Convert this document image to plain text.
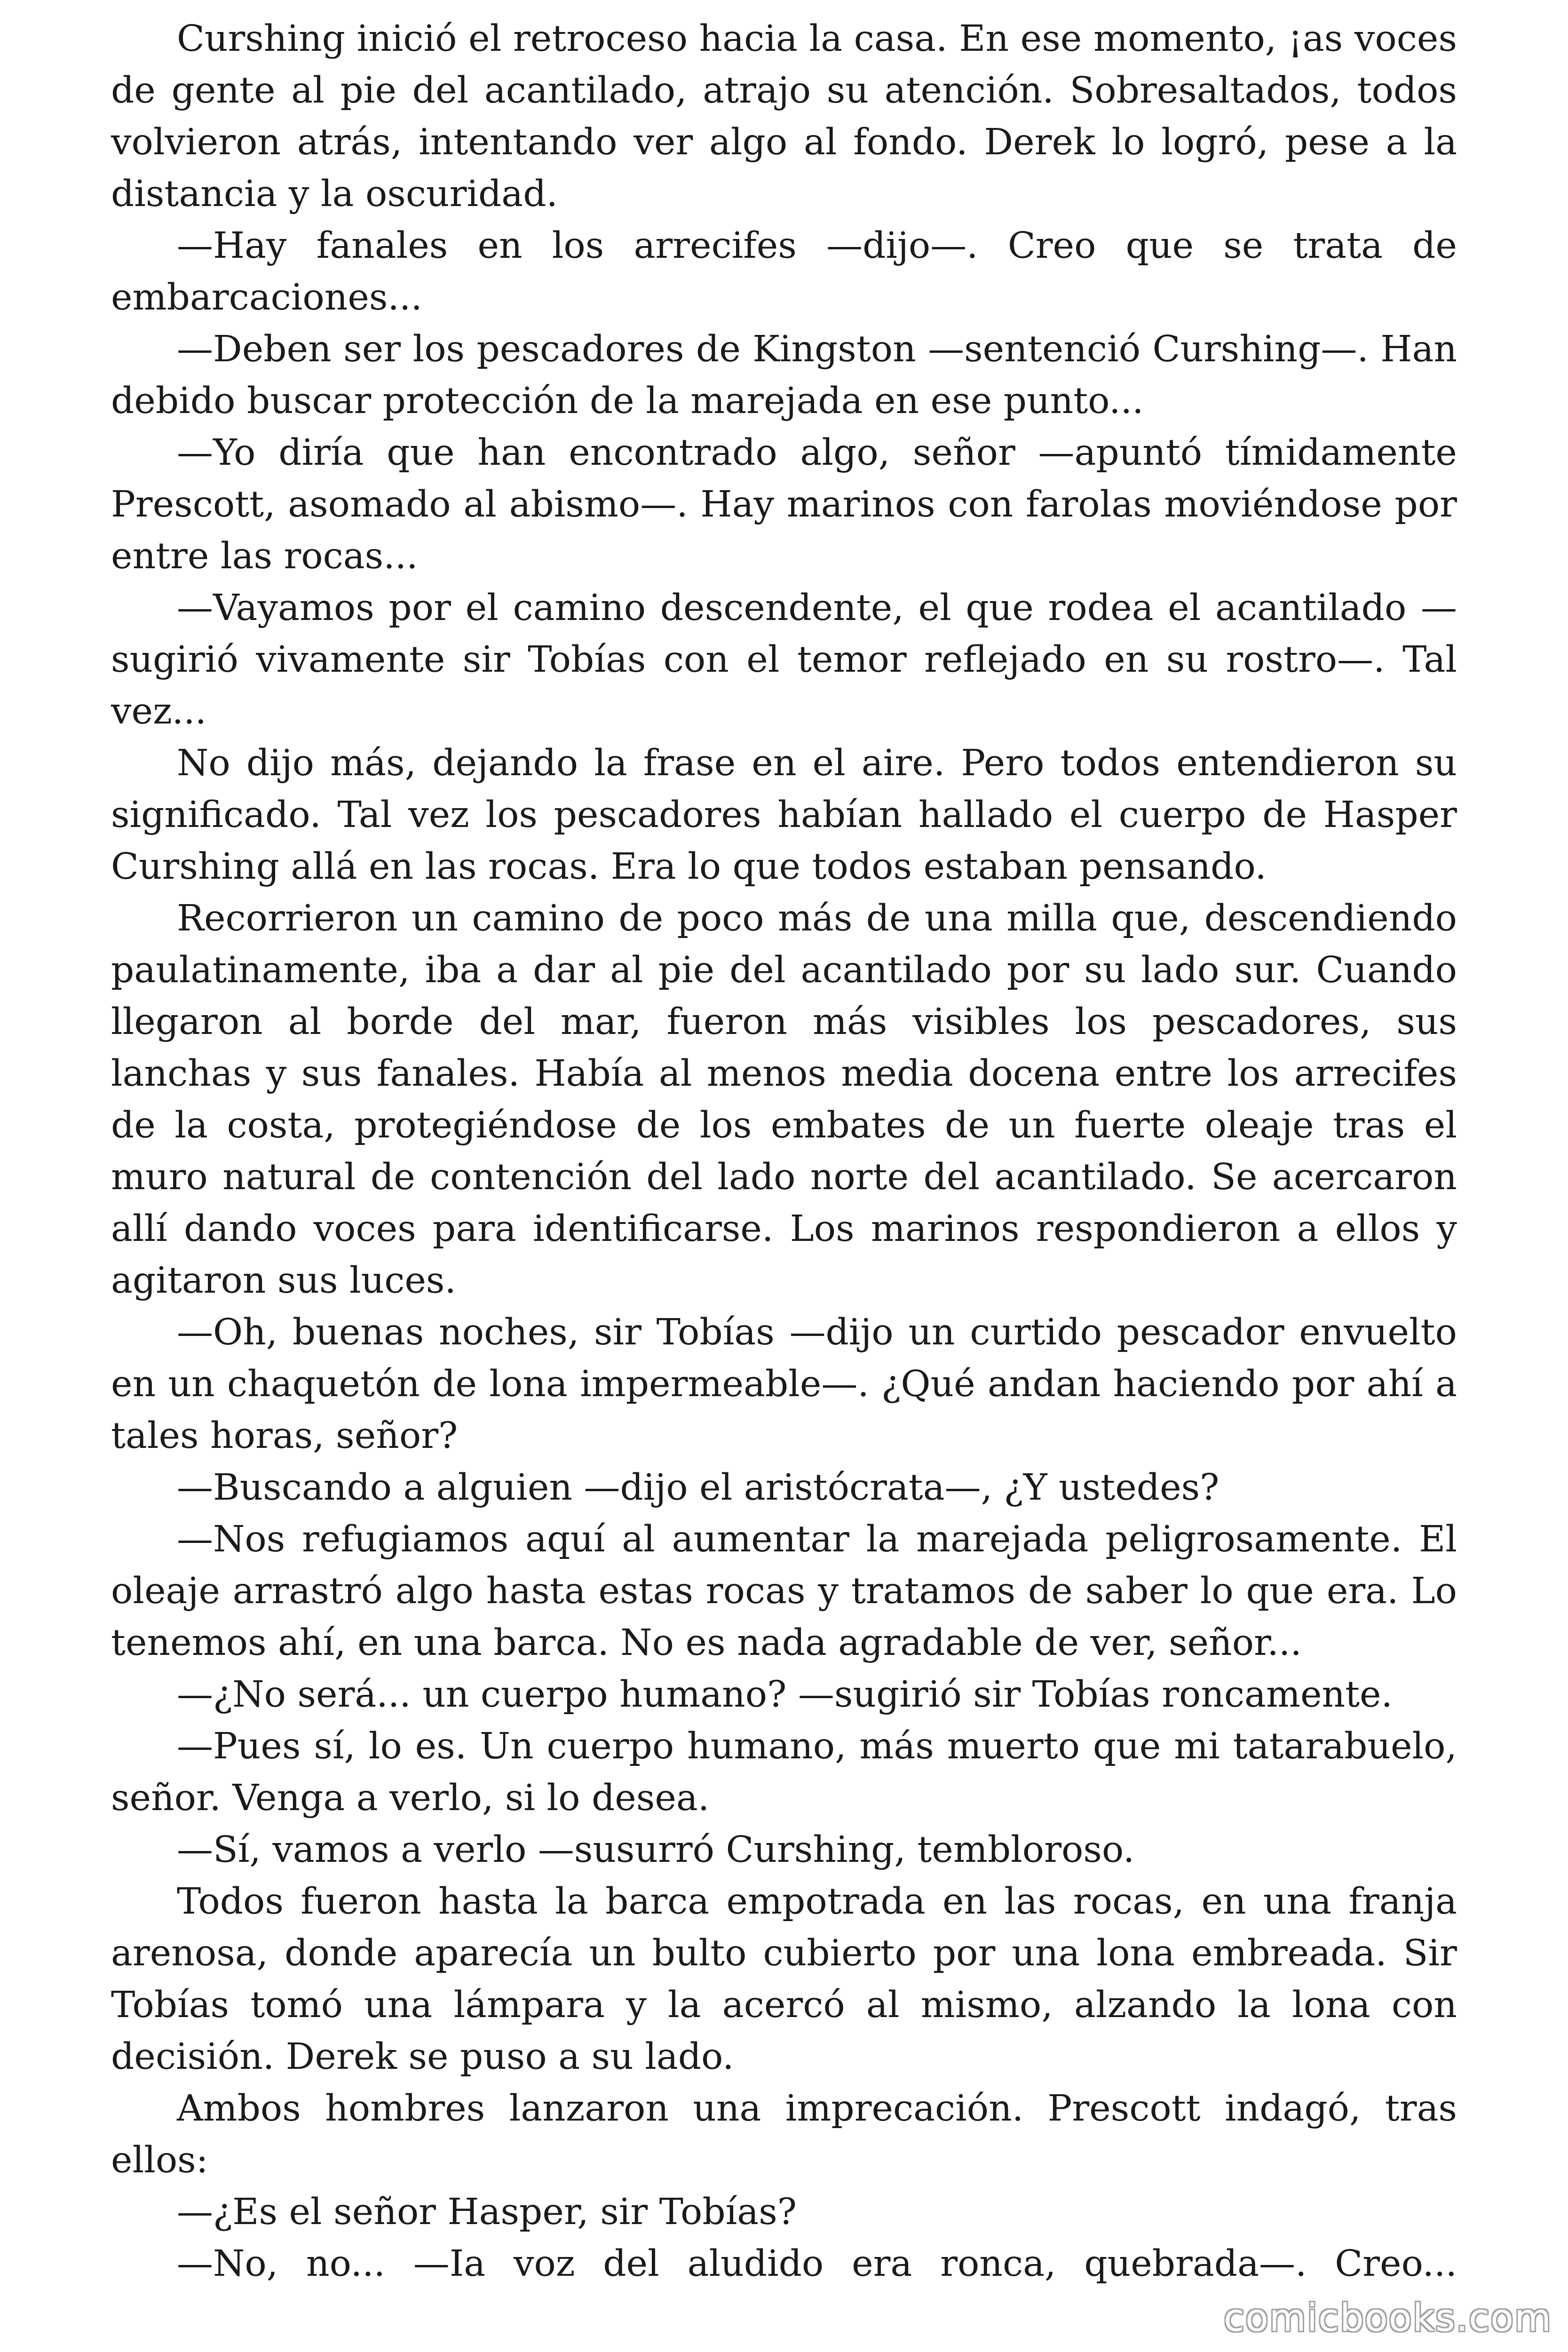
Curshing inició el retroceso hacia la casa. En ese momento, ¡as voces de gente al pie del acantilado, atrajo su atención. Sobresaltados, todos volvieron atrás, intentando ver algo al fondo. Derek lo logró, pese a la distancia y la oscuridad.

—Hay fanales en los arrecifes —dijo—. Creo que se trata de embarcaciones...

—Deben ser los pescadores de Kingston —sentenció Curshing—. Han debido buscar protección de la marejada en ese punto...

—Yo diría que han encontrado algo, señor —apuntó tímidamente Prescott, asomado al abismo—. Hay marinos con farolas moviéndose por entre las rocas...

—Vayamos por el camino descendente, el que rodea el acantilado —sugirió vivamente sir Tobías con el temor reflejado en su rostro—. Tal vez...

No dijo más, dejando la frase en el aire. Pero todos entendieron su significado. Tal vez los pescadores habían hallado el cuerpo de Hasper Curshing allá en las rocas. Era lo que todos estaban pensando.

Recorrieron un camino de poco más de una milla que, descendiendo paulatinamente, iba a dar al pie del acantilado por su lado sur. Cuando llegaron al borde del mar, fueron más visibles los pescadores, sus lanchas y sus fanales. Había al menos media docena entre los arrecifes de la costa, protegiéndose de los embates de un fuerte oleaje tras el muro natural de contención del lado norte del acantilado. Se acercaron allí dando voces para identificarse. Los marinos respondieron a ellos y agitaron sus luces.

—Oh, buenas noches, sir Tobías —dijo un curtido pescador envuelto en un chaquetón de lona impermeable—. ¿Qué andan haciendo por ahí a tales horas, señor?

—Buscando a alguien —dijo el aristócrata—, ¿Y ustedes?

—Nos refugiamos aquí al aumentar la marejada peligrosamente. El oleaje arrastró algo hasta estas rocas y tratamos de saber lo que era. Lo tenemos ahí, en una barca. No es nada agradable de ver, señor...

—¿No será... un cuerpo humano? —sugirió sir Tobías roncamente.

—Pues sí, lo es. Un cuerpo humano, más muerto que mi tatarabuelo, señor. Venga a verlo, si lo desea.

—Sí, vamos a verlo —susurró Curshing, tembloroso.

Todos fueron hasta la barca empotrada en las rocas, en una franja arenosa, donde aparecía un bulto cubierto por una lona embreada. Sir Tobías tomó una lámpara y la acercó al mismo, alzando la lona con decisión. Derek se puso a su lado.

Ambos hombres lanzaron una imprecación. Prescott indagó, tras ellos:

—¿Es el señor Hasper, sir Tobías?

—No, no... —Ia voz del aludido era ronca, quebrada—. Creo...

comicbooks.com
